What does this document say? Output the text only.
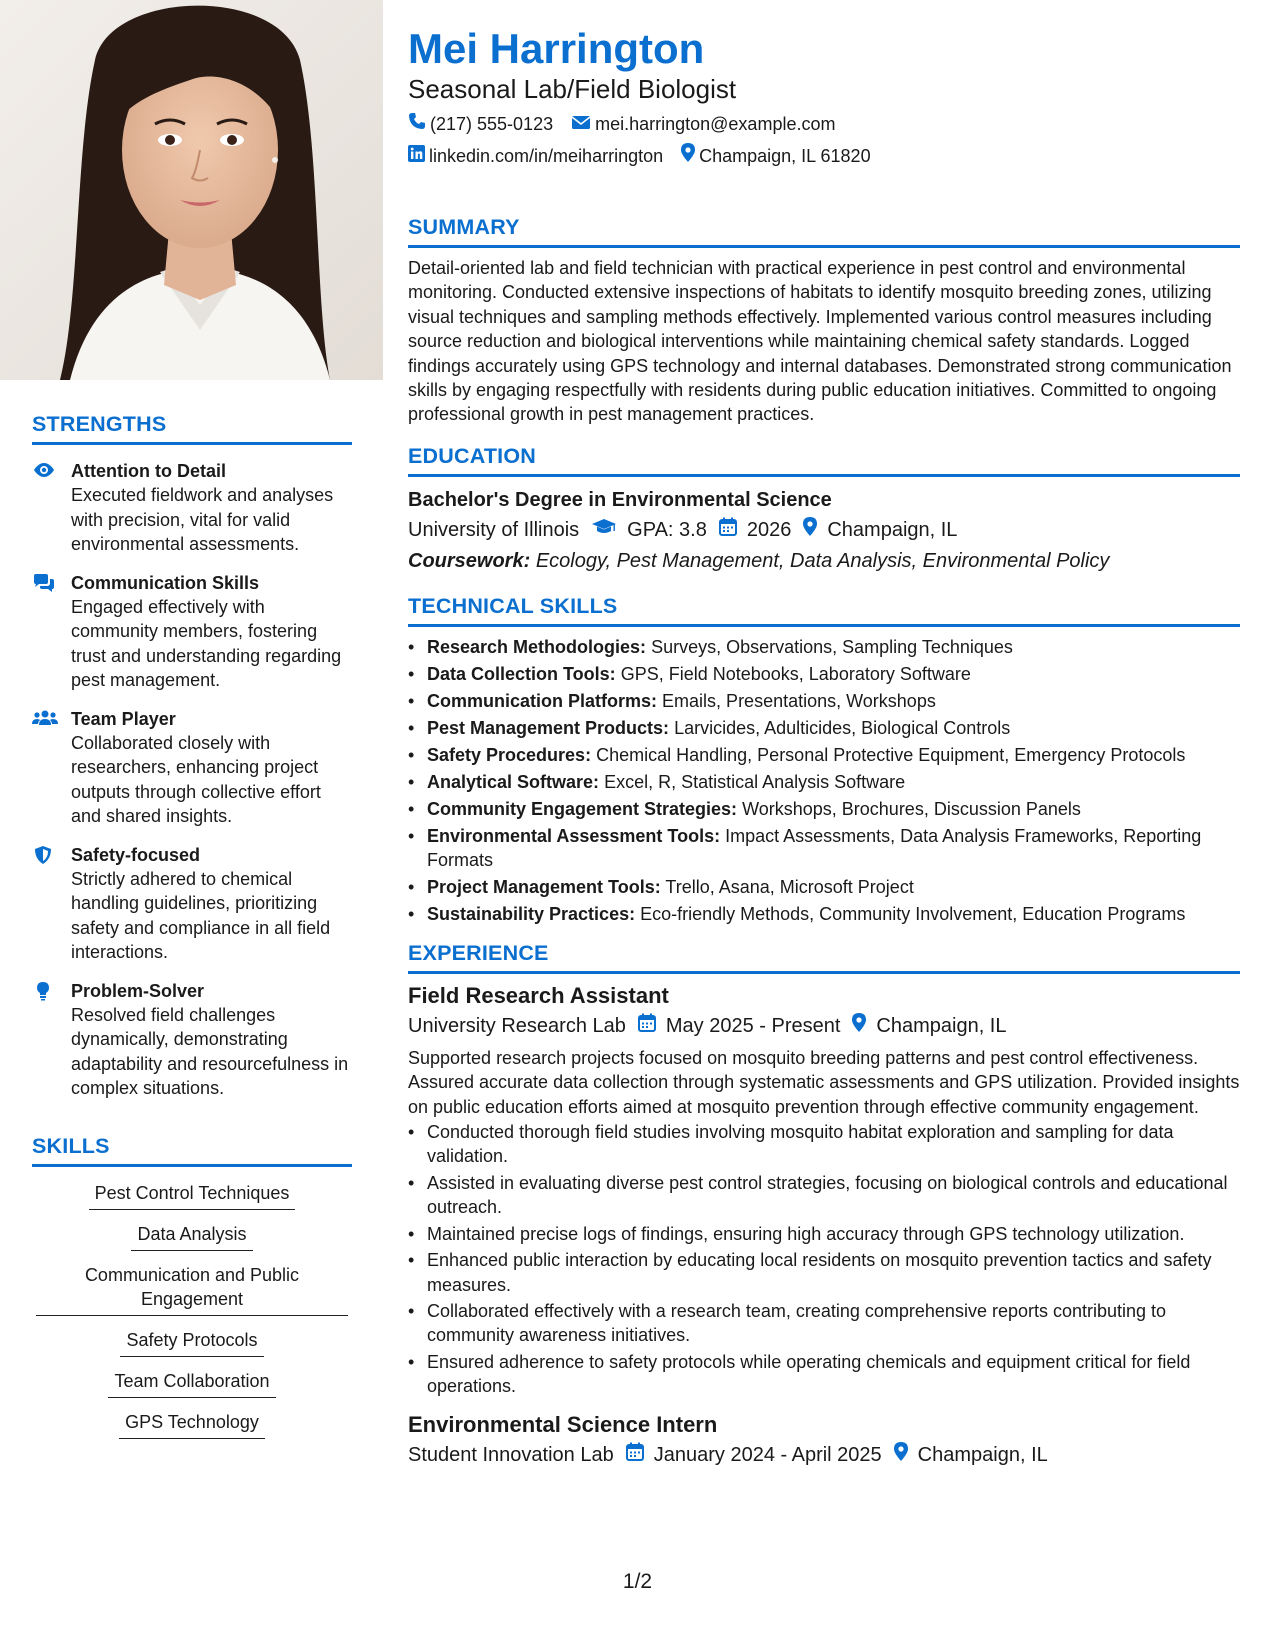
STRENGTHS
Attention to Detail
Executed fieldwork and analyses with precision, vital for valid environmental assessments.
Communication Skills
Engaged effectively with community members, fostering trust and understanding regarding pest management.
Team Player
Collaborated closely with researchers, enhancing project outputs through collective effort and shared insights.
Safety-focused
Strictly adhered to chemical handling guidelines, prioritizing safety and compliance in all field interactions.
Problem-Solver
Resolved field challenges dynamically, demonstrating adaptability and resourcefulness in complex situations.
SKILLS
Pest Control Techniques
Data Analysis
Communication and Public Engagement
Safety Protocols
Team Collaboration
GPS Technology
Mei Harrington
Seasonal Lab/Field Biologist
(217) 555-0123 mei.harrington@example.com
linkedin.com/in/meiharrington Champaign, IL 61820
SUMMARY
Detail-oriented lab and field technician with practical experience in pest control and environmental monitoring. Conducted extensive inspections of habitats to identify mosquito breeding zones, utilizing visual techniques and sampling methods effectively. Implemented various control measures including source reduction and biological interventions while maintaining chemical safety standards. Logged findings accurately using GPS technology and internal databases. Demonstrated strong communication skills by engaging respectfully with residents during public education initiatives. Committed to ongoing professional growth in pest management practices.
EDUCATION
Bachelor's Degree in Environmental Science
University of Illinois GPA: 3.8 2026 Champaign, IL
Coursework: Ecology, Pest Management, Data Analysis, Environmental Policy
TECHNICAL SKILLS
• Research Methodologies: Surveys, Observations, Sampling Techniques
• Data Collection Tools: GPS, Field Notebooks, Laboratory Software
• Communication Platforms: Emails, Presentations, Workshops
• Pest Management Products: Larvicides, Adulticides, Biological Controls
• Safety Procedures: Chemical Handling, Personal Protective Equipment, Emergency Protocols
• Analytical Software: Excel, R, Statistical Analysis Software
• Community Engagement Strategies: Workshops, Brochures, Discussion Panels
• Environmental Assessment Tools: Impact Assessments, Data Analysis Frameworks, Reporting Formats
• Project Management Tools: Trello, Asana, Microsoft Project
• Sustainability Practices: Eco-friendly Methods, Community Involvement, Education Programs
EXPERIENCE
Field Research Assistant
University Research Lab May 2025 - Present Champaign, IL
Supported research projects focused on mosquito breeding patterns and pest control effectiveness. Assured accurate data collection through systematic assessments and GPS utilization. Provided insights on public education efforts aimed at mosquito prevention through effective community engagement.
• Conducted thorough field studies involving mosquito habitat exploration and sampling for data validation.
• Assisted in evaluating diverse pest control strategies, focusing on biological controls and educational outreach.
• Maintained precise logs of findings, ensuring high accuracy through GPS technology utilization.
• Enhanced public interaction by educating local residents on mosquito prevention tactics and safety measures.
• Collaborated effectively with a research team, creating comprehensive reports contributing to community awareness initiatives.
• Ensured adherence to safety protocols while operating chemicals and equipment critical for field operations.
Environmental Science Intern
Student Innovation Lab January 2024 - April 2025 Champaign, IL
1/2
